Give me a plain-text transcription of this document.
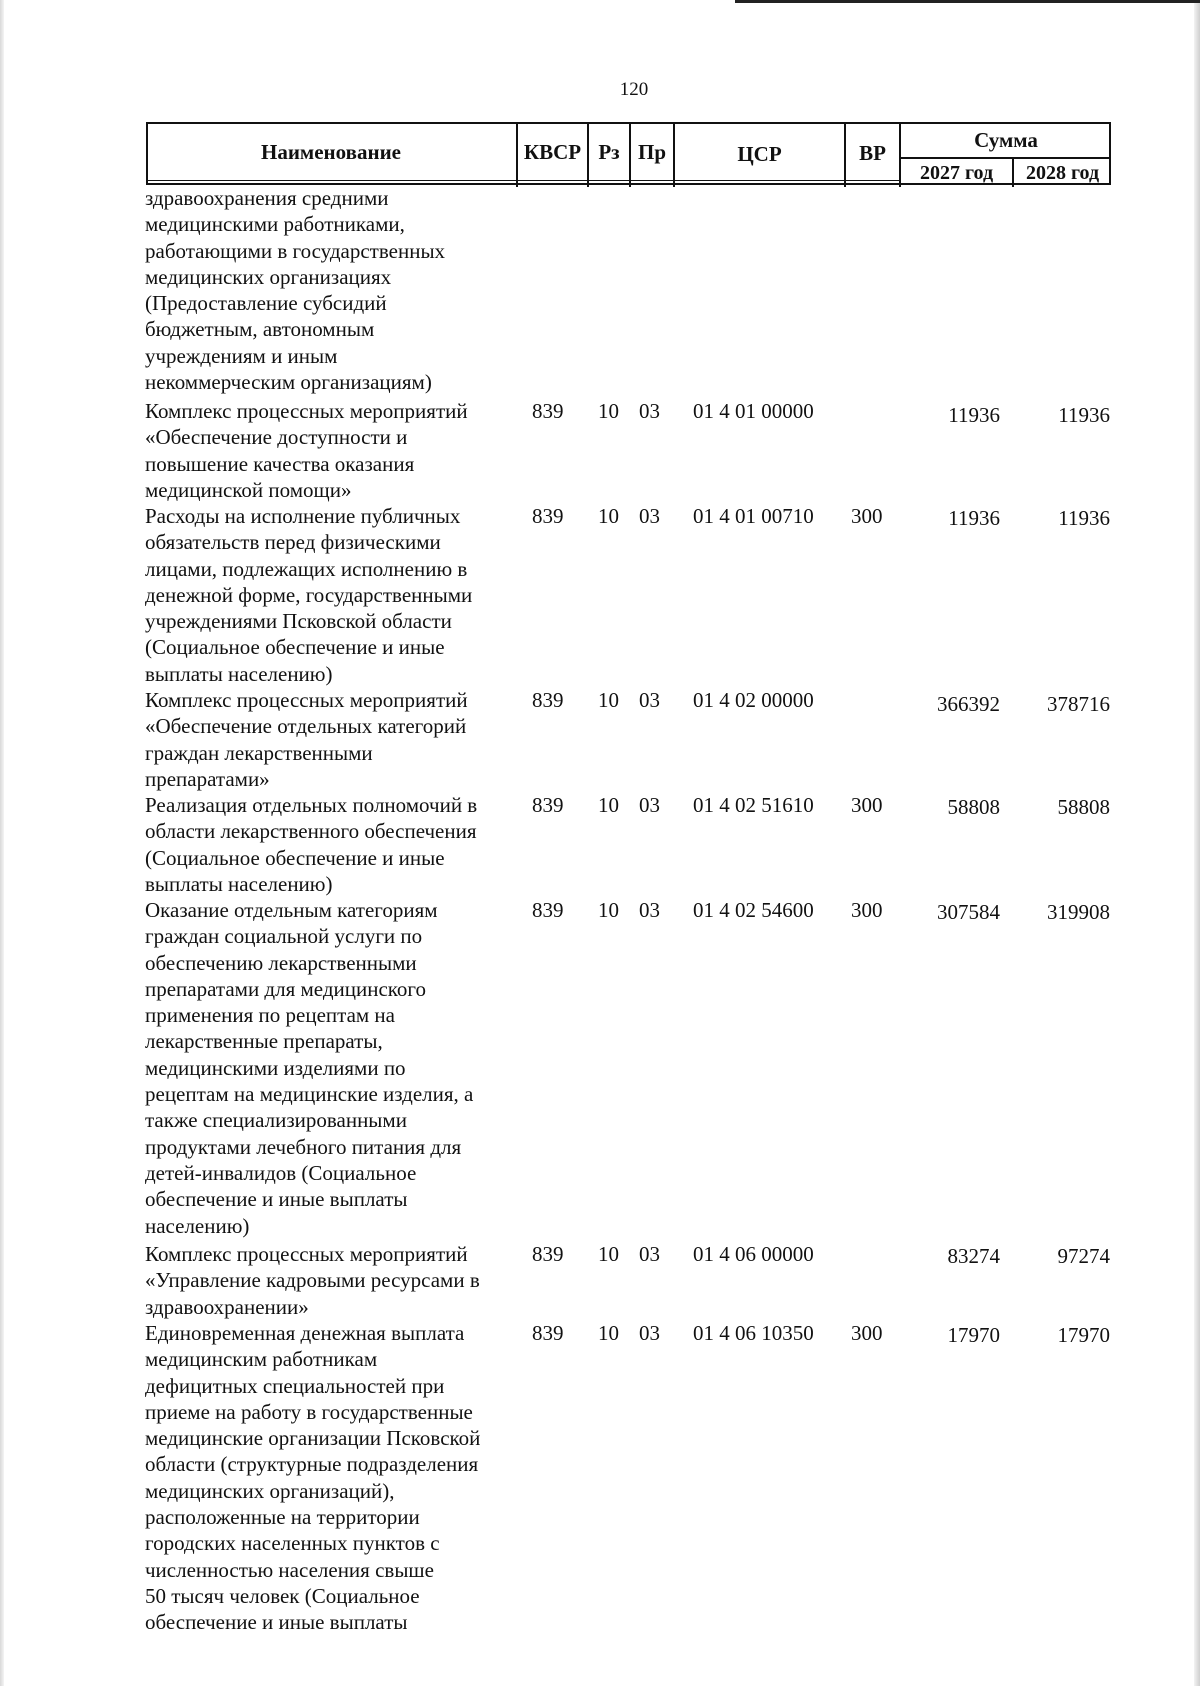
120
Наименование	КВСР Рз Пр	ЦСР	ВР
Сумма
2027 год	2028 год
здравоохранения средними
медицинскими работниками,
работающими в государственных
медицинских организациях
(Предоставление субсидий
бюджетным, автономным
учреждениям и иным
некоммерческим организациям)
Комплекс процессных мероприятий
«Обеспечение доступности и
повышение качества оказания
медицинской помощи»
839 10 03 01 4 01 00000	11936	11936
Расходы на исполнение публичных
обязательств перед физическими
лицами, подлежащих исполнению в
денежной форме, государственными
учреждениями Псковской области
(Социальное обеспечение и иные
выплаты населению)
839 10 03 01 4 01 00710 300	11936	11936
Комплекс процессных мероприятий
«Обеспечение отдельных категорий
граждан лекарственными
препаратами»
839 10 03 01 4 02 00000	366392	378716
Реализация отдельных полномочий в
области лекарственного обеспечения
(Социальное обеспечение и иные
выплаты населению)
839 10 03 01 4 02 51610 300	58808	58808
Оказание отдельным категориям
граждан социальной услуги по
обеспечению лекарственными
препаратами для медицинского
применения по рецептам на
лекарственные препараты,
медицинскими изделиями по
рецептам на медицинские изделия, а
также специализированными
продуктами лечебного питания для
детей-инвалидов (Социальное
обеспечение и иные выплаты
населению)
839 10 03 01 4 02 54600 300	307584	319908
Комплекс процессных мероприятий
«Управление кадровыми ресурсами в
здравоохранении»
839 10 03 01 4 06 00000	83274	97274
Единовременная денежная выплата
медицинским работникам
дефицитных специальностей при
приеме на работу в государственные
медицинские организации Псковской
области (структурные подразделения
медицинских организаций),
расположенные на территории
городских населенных пунктов с
численностью населения свыше
50 тысяч человек (Социальное
обеспечение и иные выплаты
839 10 03 01 4 06 10350 300	17970	17970
